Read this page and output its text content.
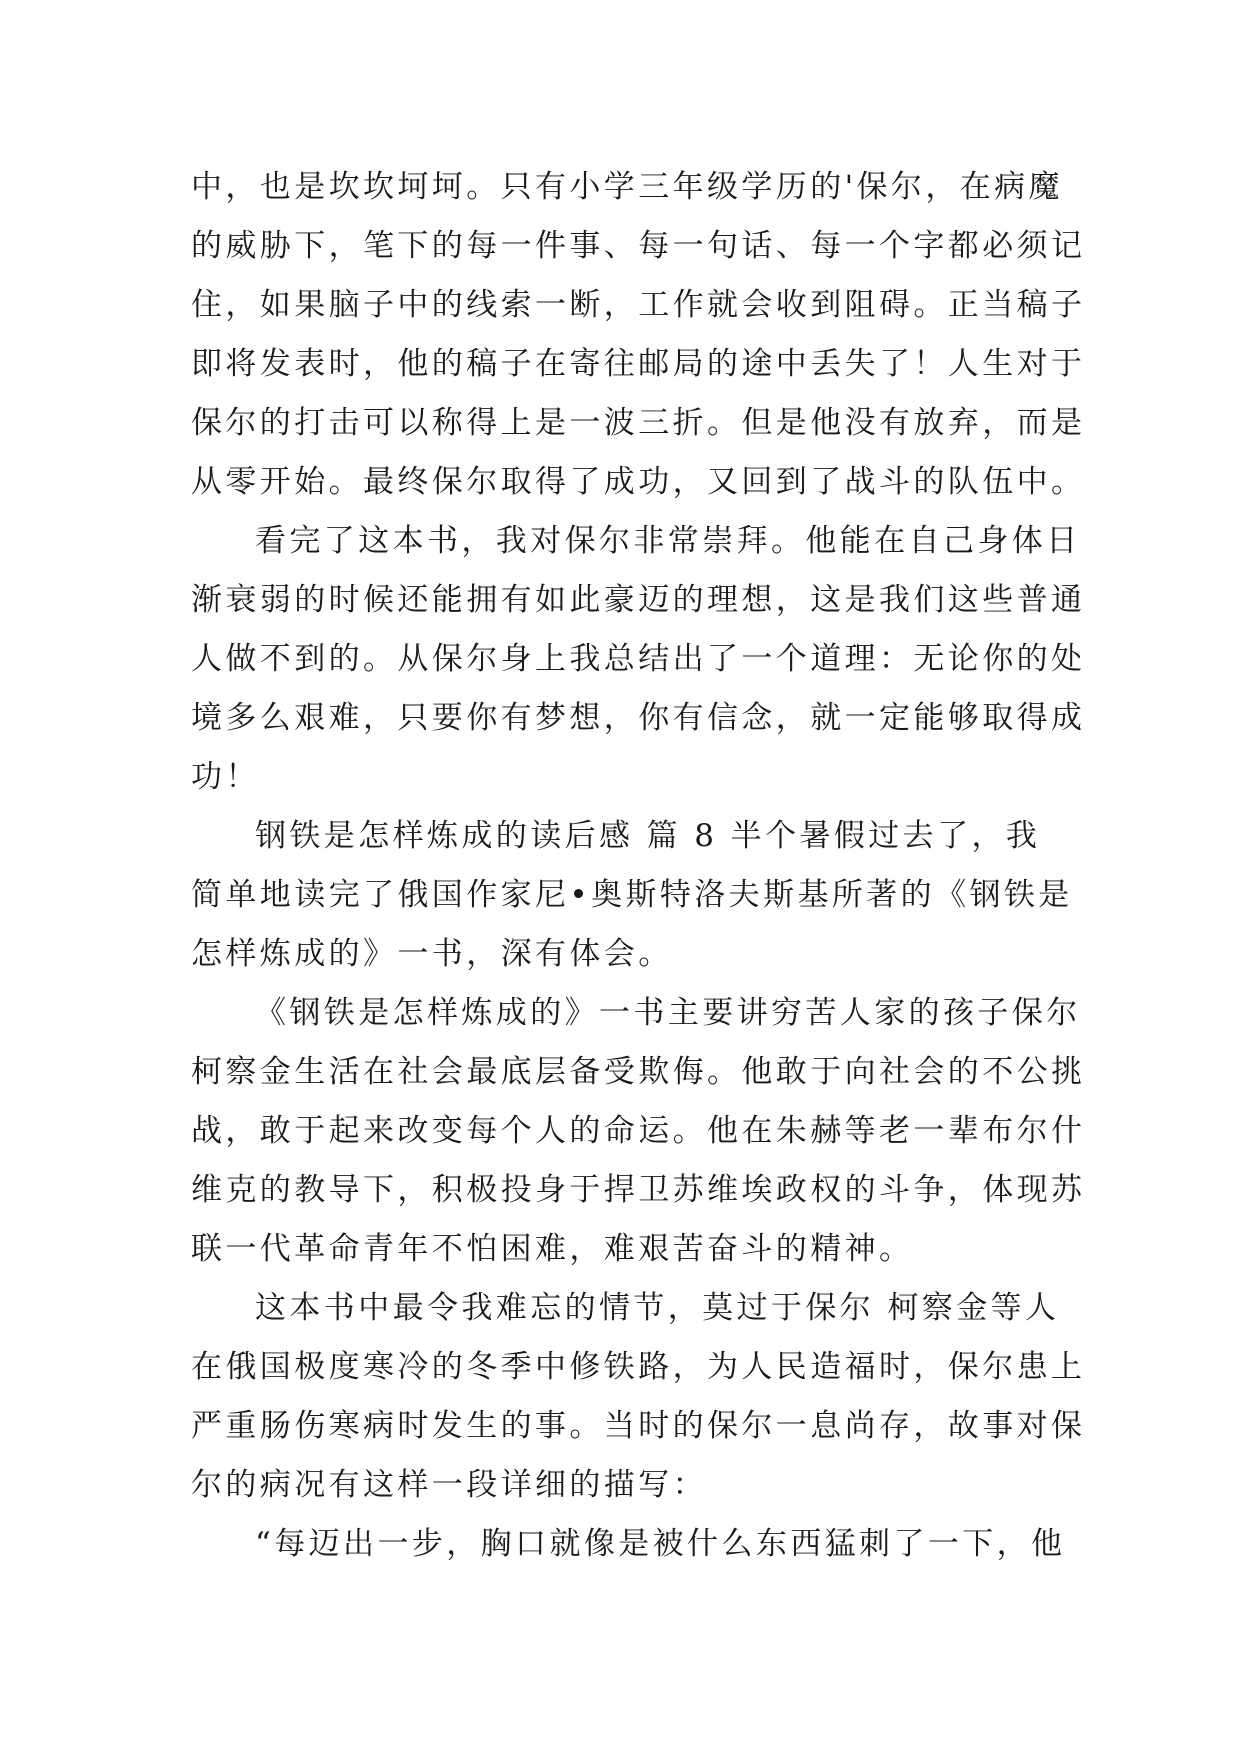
中，也是坎坎坷坷。只有小学三年级学历的'保尔，在病魔
的威胁下，笔下的每一件事、每一句话、每一个字都必须记
住，如果脑子中的线索一断，工作就会收到阻碍。正当稿子
即将发表时，他的稿子在寄往邮局的途中丢失了！人生对于
保尔的打击可以称得上是一波三折。但是他没有放弃，而是
从零开始。最终保尔取得了成功，又回到了战斗的队伍中。
看完了这本书，我对保尔非常崇拜。他能在自己身体日
渐衰弱的时候还能拥有如此豪迈的理想，这是我们这些普通
人做不到的。从保尔身上我总结出了一个道理：无论你的处
境多么艰难，只要你有梦想，你有信念，就一定能够取得成
功！
钢铁是怎样炼成的读后感 篇 8 半个暑假过去了，我
简单地读完了俄国作家尼•奥斯特洛夫斯基所著的《钢铁是
怎样炼成的》一书，深有体会。
《钢铁是怎样炼成的》一书主要讲穷苦人家的孩子保尔
柯察金生活在社会最底层备受欺侮。他敢于向社会的不公挑
战，敢于起来改变每个人的命运。他在朱赫等老一辈布尔什
维克的教导下，积极投身于捍卫苏维埃政权的斗争，体现苏
联一代革命青年不怕困难，难艰苦奋斗的精神。
这本书中最令我难忘的情节，莫过于保尔 柯察金等人
在俄国极度寒冷的冬季中修铁路，为人民造福时，保尔患上
严重肠伤寒病时发生的事。当时的保尔一息尚存，故事对保
尔的病况有这样一段详细的描写：
“每迈出一步，胸口就像是被什么东西猛刺了一下，他
